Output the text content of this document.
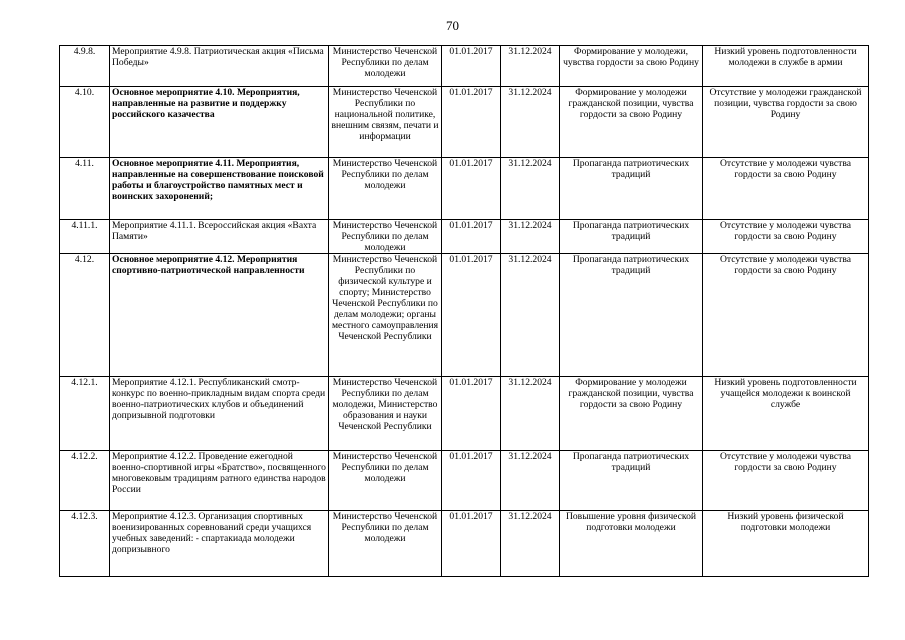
70
4.9.8.	Мероприятие 4.9.8. Патриотическая акция «Письма Победы»	Министерство Чеченской Республики по делам молодежи	01.01.2017	31.12.2024	Формирование у молодежи, чувства гордости за свою Родину	Низкий уровень подготовленности молодежи в службе в армии
4.10.	Основное мероприятие 4.10. Мероприятия, направленные на развитие и поддержку российского казачества	Министерство Чеченской Республики по национальной политике, внешним связям, печати и информации	01.01.2017	31.12.2024	Формирование у молодежи гражданской позиции, чувства гордости за свою Родину	Отсутствие у молодежи гражданской позиции, чувства гордости за свою Родину
4.11.	Основное мероприятие 4.11. Мероприятия, направленные на совершенствование поисковой работы и благоустройство памятных мест и воинских захоронений;	Министерство Чеченской Республики по делам молодежи	01.01.2017	31.12.2024	Пропаганда патриотических традиций	Отсутствие у молодежи чувства гордости за свою Родину
4.11.1.	Мероприятие 4.11.1. Всероссийская акция «Вахта Памяти»	Министерство Чеченской Республики по делам молодежи	01.01.2017	31.12.2024	Пропаганда патриотических традиций	Отсутствие у молодежи чувства гордости за свою Родину
4.12.	Основное мероприятие 4.12. Мероприятия спортивно-патриотической направленности	Министерство Чеченской Республики по физической культуре и спорту; Министерство Чеченской Республики по делам молодежи; органы местного самоуправления Чеченской Республики	01.01.2017	31.12.2024	Пропаганда патриотических традиций	Отсутствие у молодежи чувства гордости за свою Родину
4.12.1.	Мероприятие 4.12.1. Республиканский смотр-конкурс по военно-прикладным видам спорта среди военно-патриотических клубов и объединений допризывной подготовки	Министерство Чеченской Республики по делам молодежи, Министерство образования и науки Чеченской Республики	01.01.2017	31.12.2024	Формирование у молодежи гражданской позиции, чувства гордости за свою Родину	Низкий уровень подготовленности учащейся молодежи к воинской службе
4.12.2.	Мероприятие 4.12.2. Проведение ежегодной военно-спортивной игры «Братство», посвященного многовековым традициям ратного единства народов России	Министерство Чеченской Республики по делам молодежи	01.01.2017	31.12.2024	Пропаганда патриотических традиций	Отсутствие у молодежи чувства гордости за свою Родину
4.12.3.	Мероприятие 4.12.3. Организация спортивных военизированных соревнований среди учащихся учебных заведений: - спартакиада молодежи допризывного	Министерство Чеченской Республики по делам молодежи	01.01.2017	31.12.2024	Повышение уровня физической подготовки молодежи	Низкий уровень физической подготовки молодежи
